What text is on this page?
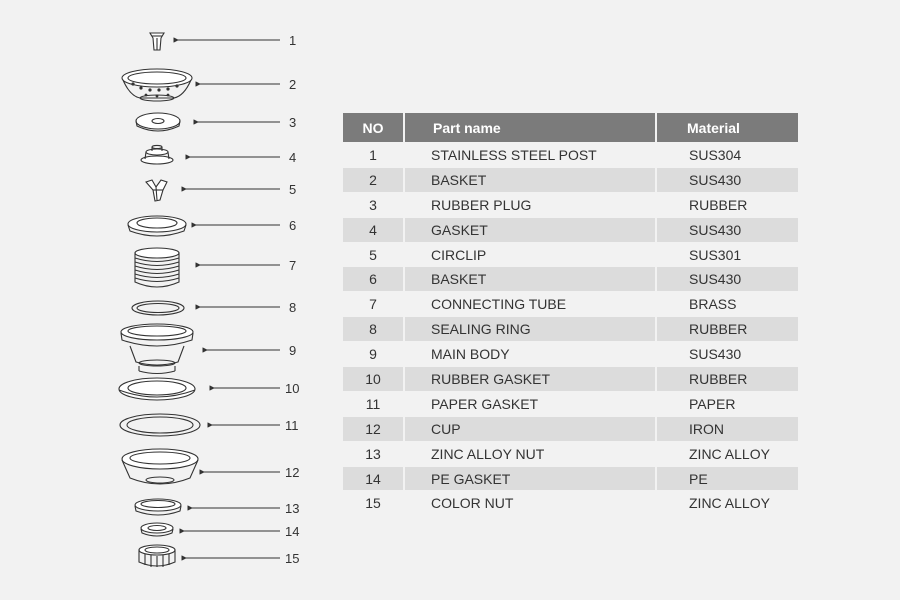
1
2
3
4
5
6
7
8
9
10
11
12
13
14
15
NO	Part name	Material
1	STAINLESS STEEL POST	SUS304
2	BASKET	SUS430
3	RUBBER PLUG	RUBBER
4	GASKET	SUS430
5	CIRCLIP	SUS301
6	BASKET	SUS430
7	CONNECTING TUBE	BRASS
8	SEALING RING	RUBBER
9	MAIN BODY	SUS430
10	RUBBER GASKET	RUBBER
11	PAPER GASKET	PAPER
12	CUP	IRON
13	ZINC ALLOY NUT	ZINC ALLOY
14	PE GASKET	PE
15	COLOR NUT	ZINC ALLOY
